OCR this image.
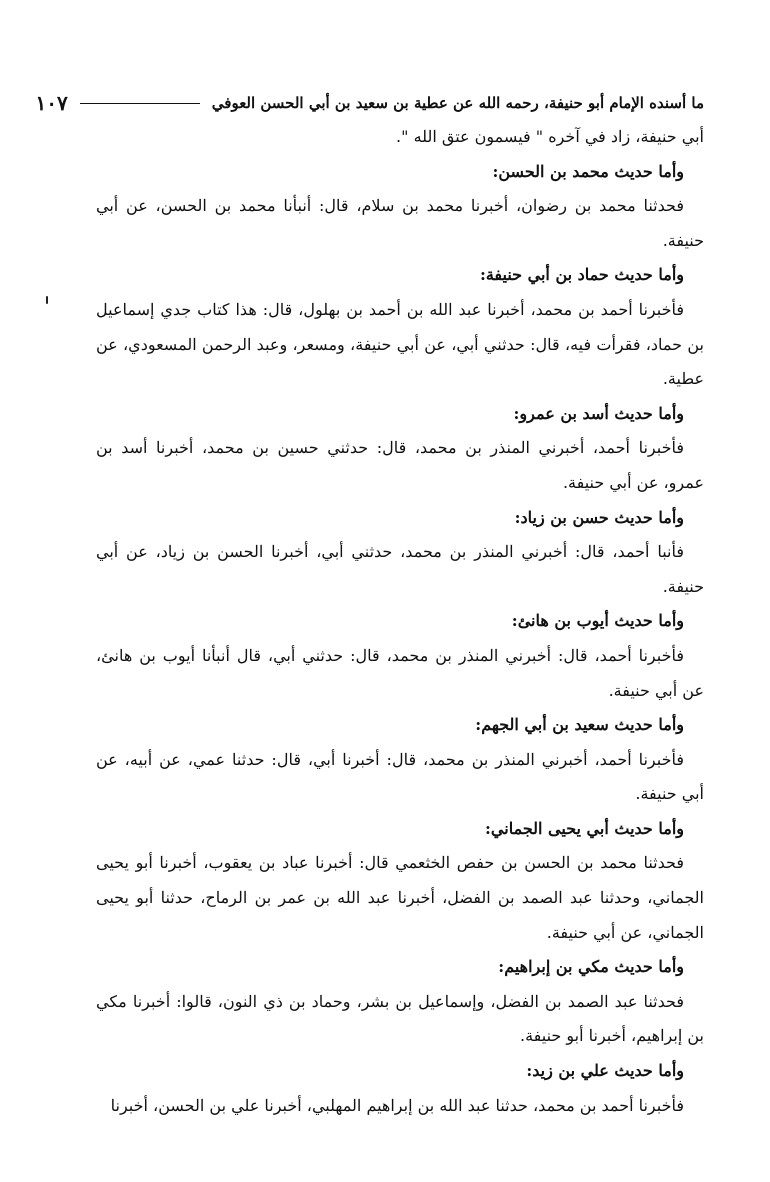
ما أسنده الإمام أبو حنيفة، رحمه الله عن عطية بن سعيد بن أبي الحسن العوفي
١٠٧

أبي حنيفة، زاد في آخره " فيسمون عتق الله ".

وأما حديث محمد بن الحسن:

فحدثنا محمد بن رضوان، أخبرنا محمد بن سلام، قال: أنبأنا محمد بن الحسن، عن أبي حنيفة.

وأما حديث حماد بن أبي حنيفة:

فأخبرنا أحمد بن محمد، أخبرنا عبد الله بن أحمد بن بهلول، قال: هذا كتاب جدي إسماعيل بن حماد، فقرأت فيه، قال: حدثني أبي، عن أبي حنيفة، ومسعر، وعبد الرحمن المسعودي، عن عطية.

وأما حديث أسد بن عمرو:

فأخبرنا أحمد، أخبرني المنذر بن محمد، قال: حدثني حسين بن محمد، أخبرنا أسد بن عمرو، عن أبي حنيفة.

وأما حديث حسن بن زياد:

فأنبا أحمد، قال: أخبرني المنذر بن محمد، حدثني أبي، أخبرنا الحسن بن زياد، عن أبي حنيفة.

وأما حديث أيوب بن هانئ:

فأخبرنا أحمد، قال: أخبرني المنذر بن محمد، قال: حدثني أبي، قال أنبأنا أيوب بن هانئ، عن أبي حنيفة.

وأما حديث سعيد بن أبي الجهم:

فأخبرنا أحمد، أخبرني المنذر بن محمد، قال: أخبرنا أبي، قال: حدثنا عمي، عن أبيه، عن أبي حنيفة.

وأما حديث أبي يحيى الجماني:

فحدثنا محمد بن الحسن بن حفص الخثعمي قال: أخبرنا عباد بن يعقوب، أخبرنا أبو يحيى الجماني، وحدثنا عبد الصمد بن الفضل، أخبرنا عبد الله بن عمر بن الرماح، حدثنا أبو يحيى الجماني، عن أبي حنيفة.

وأما حديث مكي بن إبراهيم:

فحدثنا عبد الصمد بن الفضل، وإسماعيل بن بشر، وحماد بن ذي النون، قالوا: أخبرنا مكي بن إبراهيم، أخبرنا أبو حنيفة.

وأما حديث علي بن زيد:

فأخبرنا أحمد بن محمد، حدثنا عبد الله بن إبراهيم المهلبي، أخبرنا علي بن الحسن، أخبرنا
